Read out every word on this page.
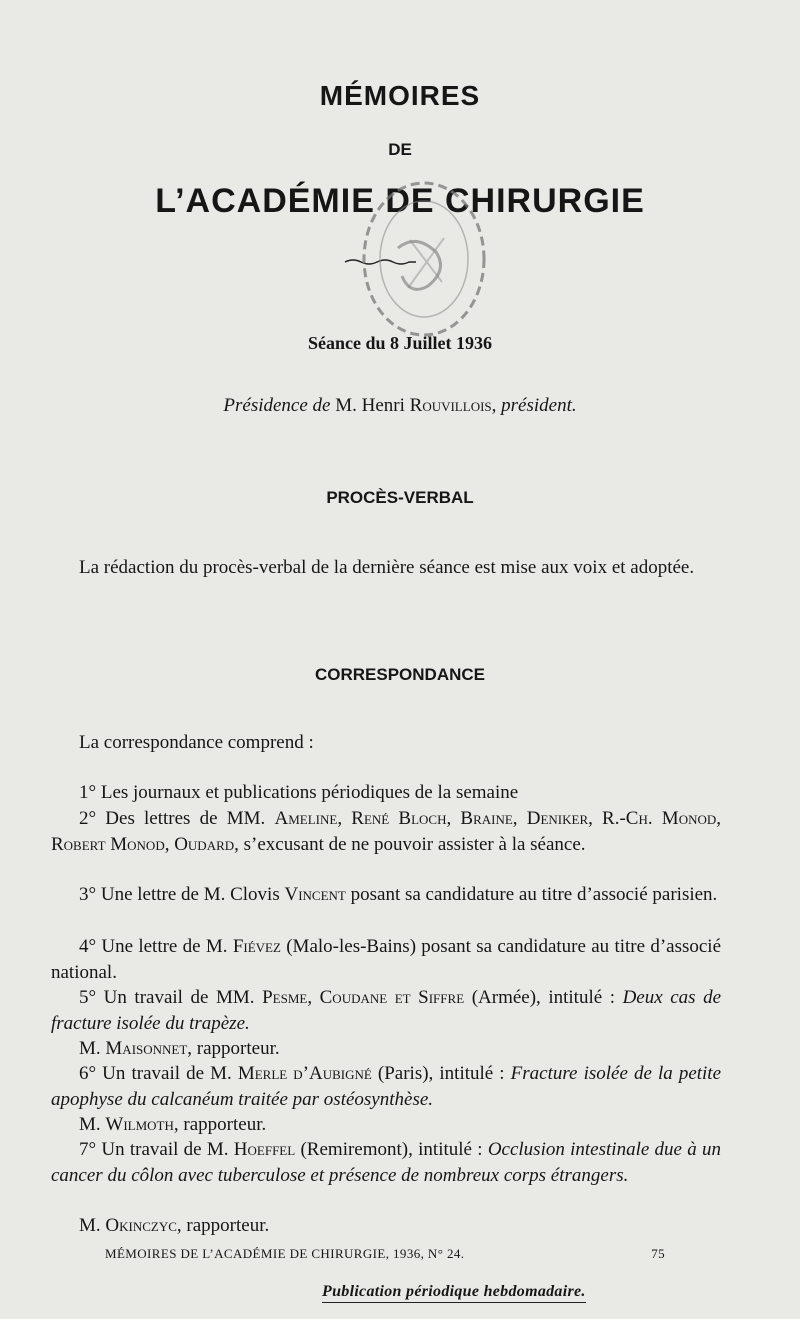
MÉMOIRES
DE
L’ACADÉMIE DE CHIRURGIE
Séance du 8 Juillet 1936
Présidence de M. Henri Rouvillois, président.
PROCÈS-VERBAL
La rédaction du procès-verbal de la dernière séance est mise aux voix et adoptée.
CORRESPONDANCE
La correspondance comprend :
1° Les journaux et publications périodiques de la semaine
2° Des lettres de MM. Ameline, René Bloch, Braine, Deniker, R.-Ch. Monod, Robert Monod, Oudard, s’excusant de ne pouvoir assister à la séance.
3° Une lettre de M. Clovis Vincent posant sa candidature au titre d’associé parisien.
4° Une lettre de M. Fiévez (Malo-les-Bains) posant sa candidature au titre d’associé national.
5° Un travail de MM. Pesme, Coudane et Siffre (Armée), intitulé : Deux cas de fracture isolée du trapèze.
M. Maisonnet, rapporteur.
6° Un travail de M. Merle d’Aubigné (Paris), intitulé : Fracture isolée de la petite apophyse du calcanéum traitée par ostéosynthèse.
M. Wilmoth, rapporteur.
7° Un travail de M. Hoeffel (Remiremont), intitulé : Occlusion intestinale due à un cancer du côlon avec tuberculose et présence de nombreux corps étrangers.
M. Okinczyc, rapporteur.
MÉMOIRES DE L’ACADÉMIE DE CHIRURGIE, 1936, N° 24.	75
Publication périodique hebdomadaire.
